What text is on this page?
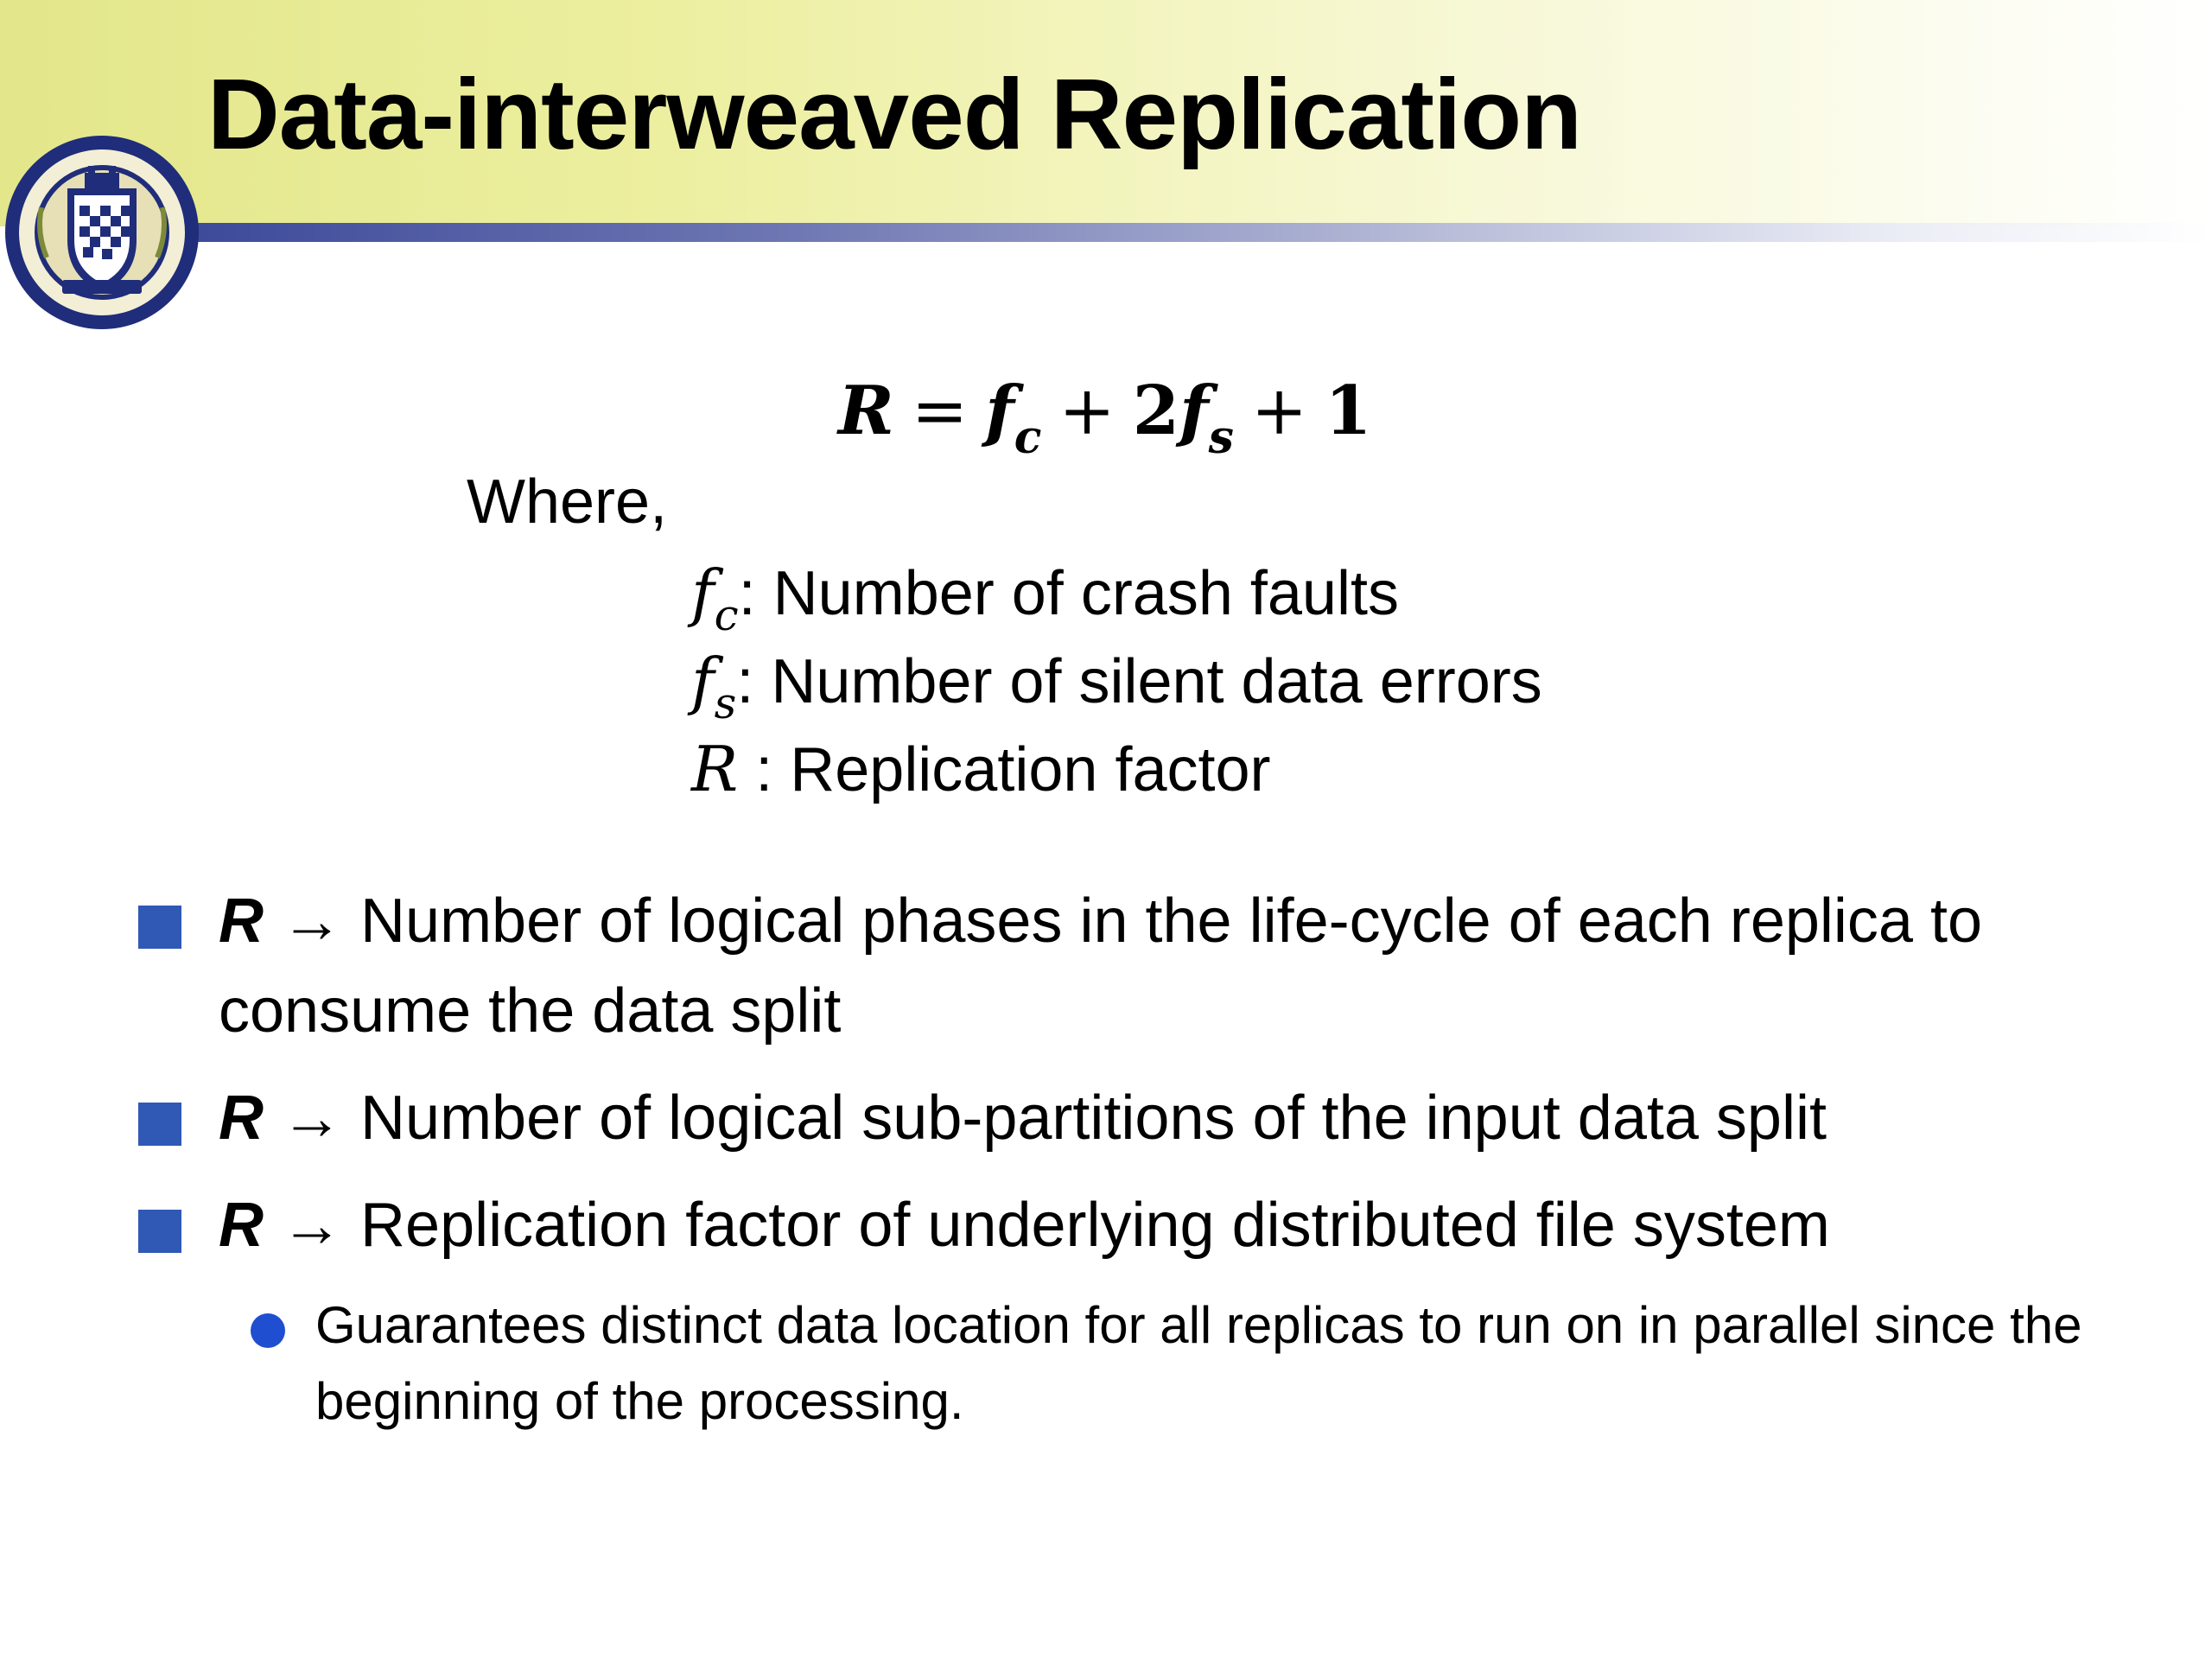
Data-interweaved Replication
$R = f_c + 2f_s + 1$
Where,
$f_c$: Number of crash faults
$f_s$: Number of silent data errors
R : Replication factor
R → Number of logical phases in the life-cycle of each replica to consume the data split
R → Number of logical sub-partitions of the input data split
R → Replication factor of underlying distributed file system
Guarantees distinct data location for all replicas to run on in parallel since the beginning of the processing.
